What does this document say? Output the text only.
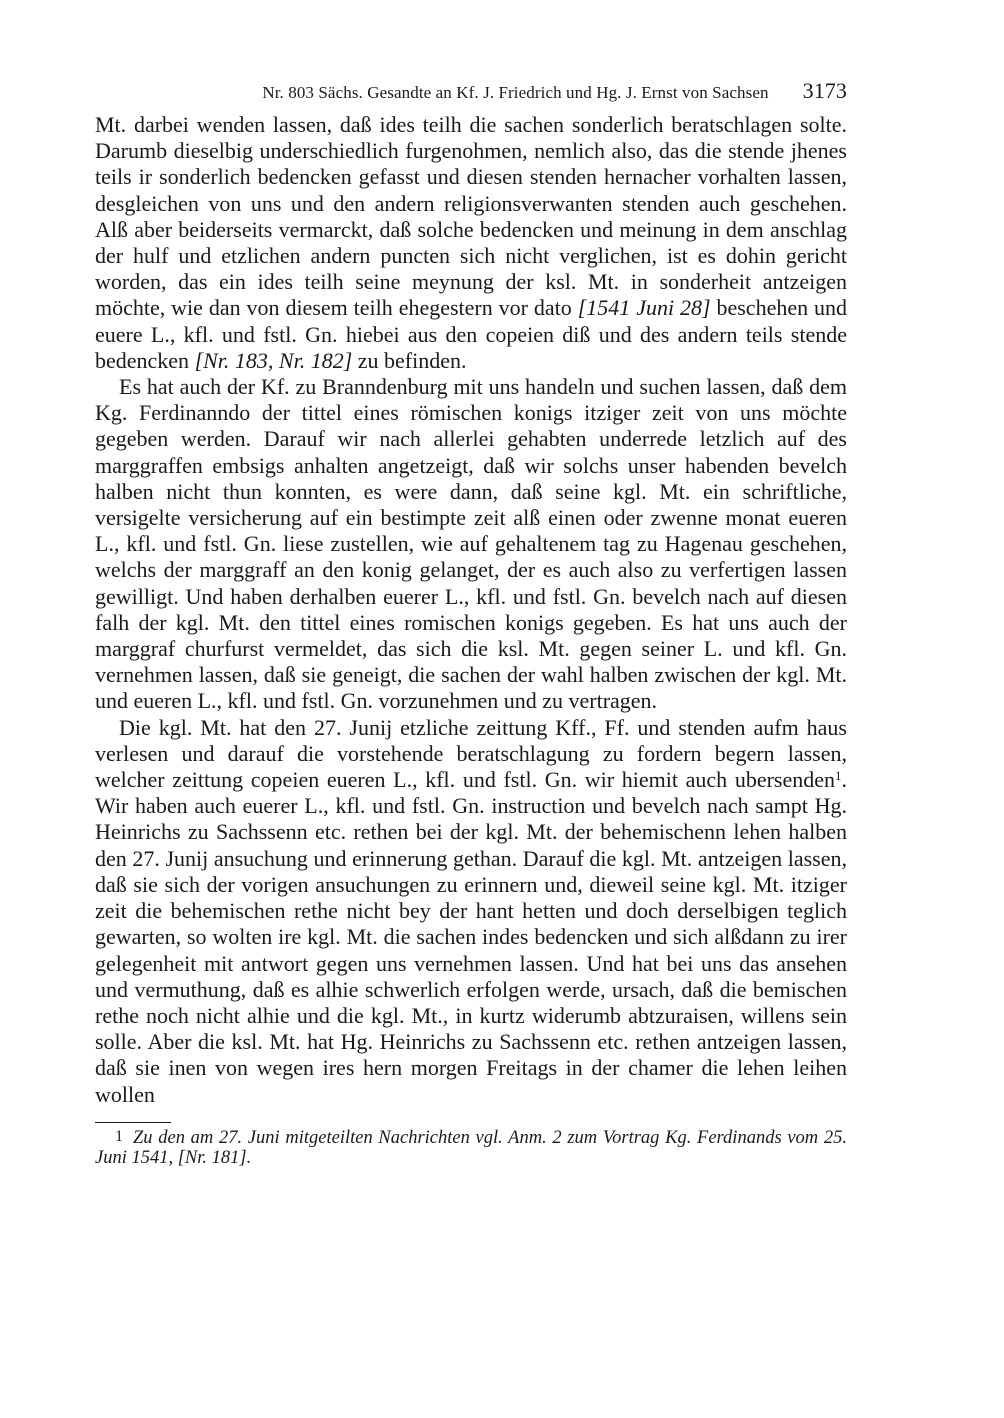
Nr. 803 Sächs. Gesandte an Kf. J. Friedrich und Hg. J. Ernst von Sachsen 3173

Mt. darbei wenden lassen, daß ides teilh die sachen sonderlich beratschlagen solte. Darumb dieselbig underschiedlich furgenohmen, nemlich also, das die stende jhenes teils ir sonderlich bedencken gefasst und diesen stenden hernacher vorhalten lassen, desgleichen von uns und den andern religionsverwanten stenden auch geschehen. Alß aber beiderseits vermarckt, daß solche bedencken und meinung in dem anschlag der hulf und etzlichen andern puncten sich nicht verglichen, ist es dohin gericht worden, das ein ides teilh seine meynung der ksl. Mt. in sonderheit antzeigen möchte, wie dan von diesem teilh ehegestern vor dato [1541 Juni 28] beschehen und euere L., kfl. und fstl. Gn. hiebei aus den copeien diß und des andern teils stende bedencken [Nr. 183, Nr. 182] zu befinden.

Es hat auch der Kf. zu Branndenburg mit uns handeln und suchen lassen, daß dem Kg. Ferdinanndo der tittel eines römischen konigs itziger zeit von uns möchte gegeben werden. Darauf wir nach allerlei gehabten underrede letzlich auf des marggraffen embsigs anhalten angetzeigt, daß wir solchs unser habenden bevelch halben nicht thun konnten, es were dann, daß seine kgl. Mt. ein schriftliche, versigelte versicherung auf ein bestimpte zeit alß einen oder zwenne monat eueren L., kfl. und fstl. Gn. liese zustellen, wie auf gehaltenem tag zu Hagenau geschehen, welchs der marggraff an den konig gelanget, der es auch also zu verfertigen lassen gewilligt. Und haben derhalben euerer L., kfl. und fstl. Gn. bevelch nach auf diesen falh der kgl. Mt. den tittel eines romischen konigs gegeben. Es hat uns auch der marggraf churfurst vermeldet, das sich die ksl. Mt. gegen seiner L. und kfl. Gn. vernehmen lassen, daß sie geneigt, die sachen der wahl halben zwischen der kgl. Mt. und eueren L., kfl. und fstl. Gn. vorzunehmen und zu vertragen.

Die kgl. Mt. hat den 27. Junij etzliche zeittung Kff., Ff. und stenden aufm haus verlesen und darauf die vorstehende beratschlagung zu fordern begern lassen, welcher zeittung copeien eueren L., kfl. und fstl. Gn. wir hiemit auch ubersenden$^1$. Wir haben auch euerer L., kfl. und fstl. Gn. instruction und bevelch nach sampt Hg. Heinrichs zu Sachssenn etc. rethen bei der kgl. Mt. der behemischenn lehen halben den 27. Junij ansuchung und erinnerung gethan. Darauf die kgl. Mt. antzeigen lassen, daß sie sich der vorigen ansuchungen zu erinnern und, dieweil seine kgl. Mt. itziger zeit die behemischen rethe nicht bey der hant hetten und doch derselbigen teglich gewarten, so wolten ire kgl. Mt. die sachen indes bedencken und sich alßdann zu irer gelegenheit mit antwort gegen uns vernehmen lassen. Und hat bei uns das ansehen und vermuthung, daß es alhie schwerlich erfolgen werde, ursach, daß die bemischen rethe noch nicht alhie und die kgl. Mt., in kurtz widerumb abtzuraisen, willens sein solle. Aber die ksl. Mt. hat Hg. Heinrichs zu Sachssenn etc. rethen antzeigen lassen, daß sie inen von wegen ires hern morgen Freitags in der chamer die lehen leihen wollen

1 Zu den am 27. Juni mitgeteilten Nachrichten vgl. Anm. 2 zum Vortrag Kg. Ferdinands vom 25. Juni 1541, [Nr. 181].
